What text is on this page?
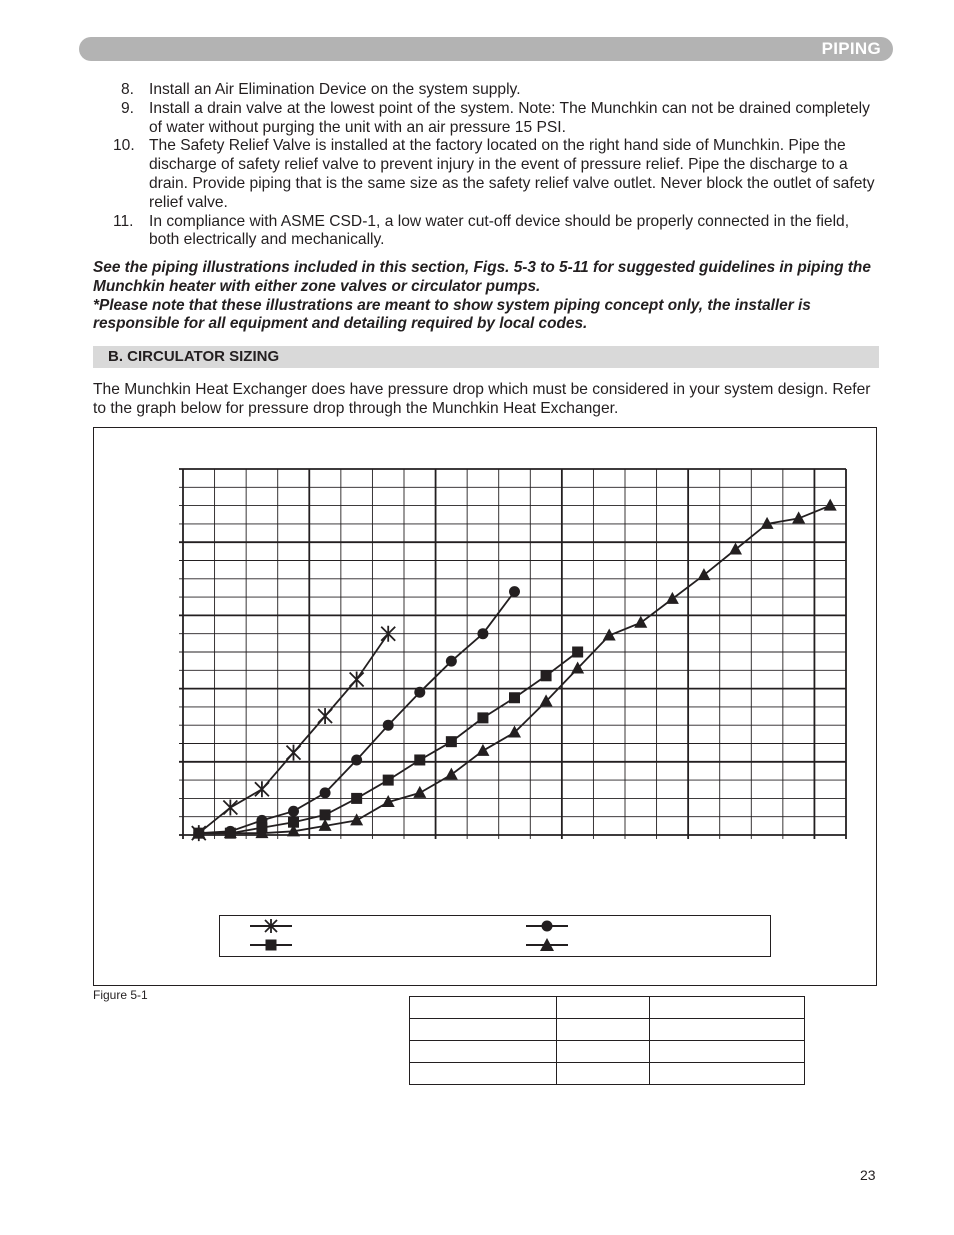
PIPING
8. Install an Air Elimination Device on the system supply.
9. Install a drain valve at the lowest point of the system. Note: The Munchkin can not be drained completely of water without purging the unit with an air pressure 15 PSI.
10. The Safety Relief Valve is installed at the factory located on the right hand side of Munchkin. Pipe the discharge of safety relief valve to prevent injury in the event of pressure relief. Pipe the discharge to a drain. Provide piping that is the same size as the safety relief valve outlet. Never block the outlet of safety relief valve.
11. In compliance with ASME CSD-1, a low water cut-off device should be properly connected in the field, both electrically and mechanically.

See the piping illustrations included in this section, Figs. 5-3 to 5-11 for suggested guidelines in piping the Munchkin heater with either zone valves or circulator pumps.

*Please note that these illustrations are meant to show system piping concept only, the installer is responsible for all equipment and detailing required by local codes.

B. CIRCULATOR SIZING
The Munchkin Heat Exchanger does have pressure drop which must be considered in your system design. Refer to the graph below for pressure drop through the Munchkin Heat Exchanger.
Figure 5-1

23
